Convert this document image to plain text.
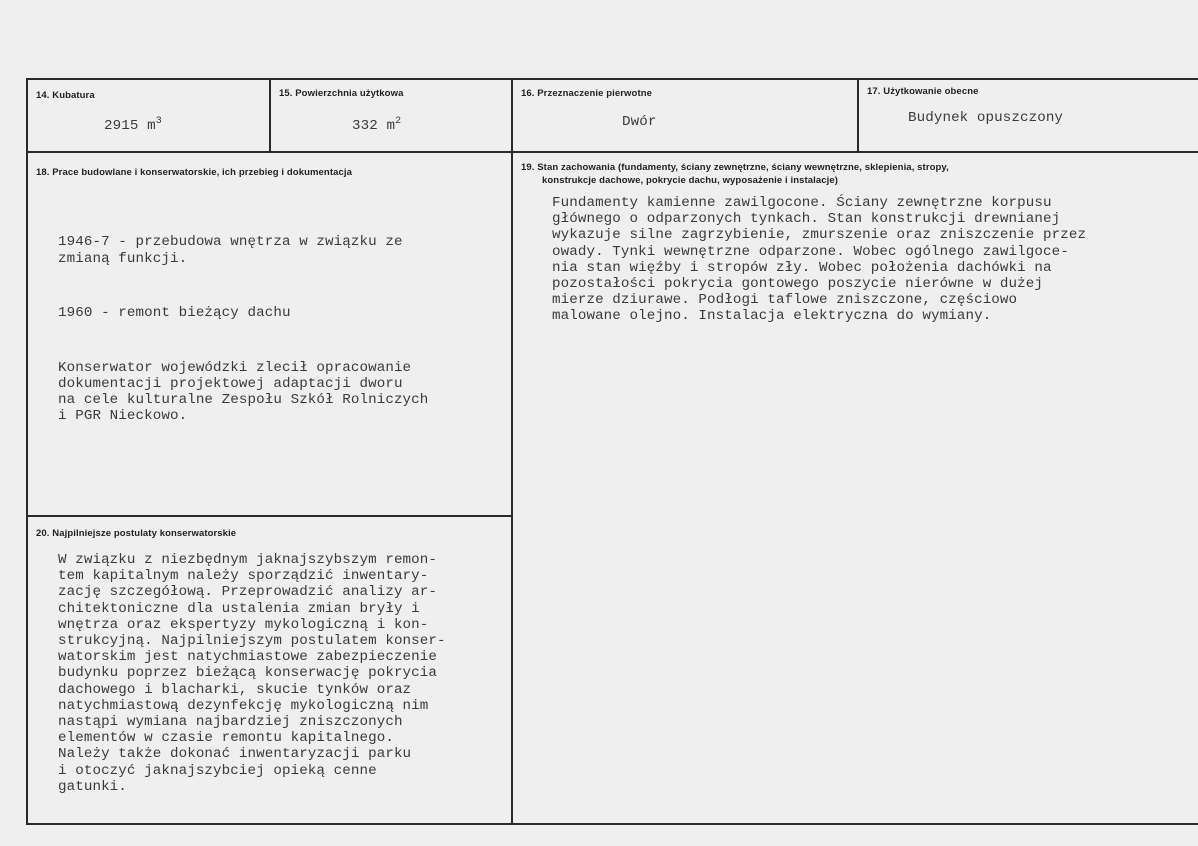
14. Kubatura
2915 $m^3$
15. Powierzchnia użytkowa
332 $m^2$
16. Przeznaczenie pierwotne
Dwór
17. Użytkowanie obecne
Budynek opuszczony
18. Prace budowlane i konserwatorskie, ich przebieg i dokumentacja

1946-7 - przebudowa wnętrza w związku ze
zmianą funkcji.

1960 - remont bieżący dachu

Konserwator wojewódzki zlecił opracowanie
dokumentacji projektowej adaptacji dworu
na cele kulturalne Zespołu Szkół Rolniczych
i PGR Nieckowo.

19. Stan zachowania (fundamenty, ściany zewnętrzne, ściany wewnętrzne, sklepienia, stropy,
konstrukcje dachowe, pokrycie dachu, wyposażenie i instalacje)
Fundamenty kamienne zawilgocone. Ściany zewnętrzne korpusu
głównego o odparzonych tynkach. Stan konstrukcji drewnianej
wykazuje silne zagrzybienie, zmurszenie oraz zniszczenie przez
owady. Tynki wewnętrzne odparzone. Wobec ogólnego zawilgoce-
nia stan więźby i stropów zły. Wobec położenia dachówki na
pozostałości pokrycia gontowego poszycie nierówne w dużej
mierze dziurawe. Podłogi taflowe zniszczone, częściowo
malowane olejno. Instalacja elektryczna do wymiany.
20. Najpilniejsze postulaty konserwatorskie
W związku z niezbędnym jaknajszybszym remon-
tem kapitalnym należy sporządzić inwentary-
zację szczegółową. Przeprowadzić analizy ar-
chitektoniczne dla ustalenia zmian bryły i
wnętrza oraz ekspertyzy mykologiczną i kon-
strukcyjną. Najpilniejszym postulatem konser-
watorskim jest natychmiastowe zabezpieczenie
budynku poprzez bieżącą konserwację pokrycia
dachowego i blacharki, skucie tynków oraz
natychmiastową dezynfekcję mykologiczną nim
nastąpi wymiana najbardziej zniszczonych
elementów w czasie remontu kapitalnego.
Należy także dokonać inwentaryzacji parku
i otoczyć jaknajszybciej opieką cenne
gatunki.
